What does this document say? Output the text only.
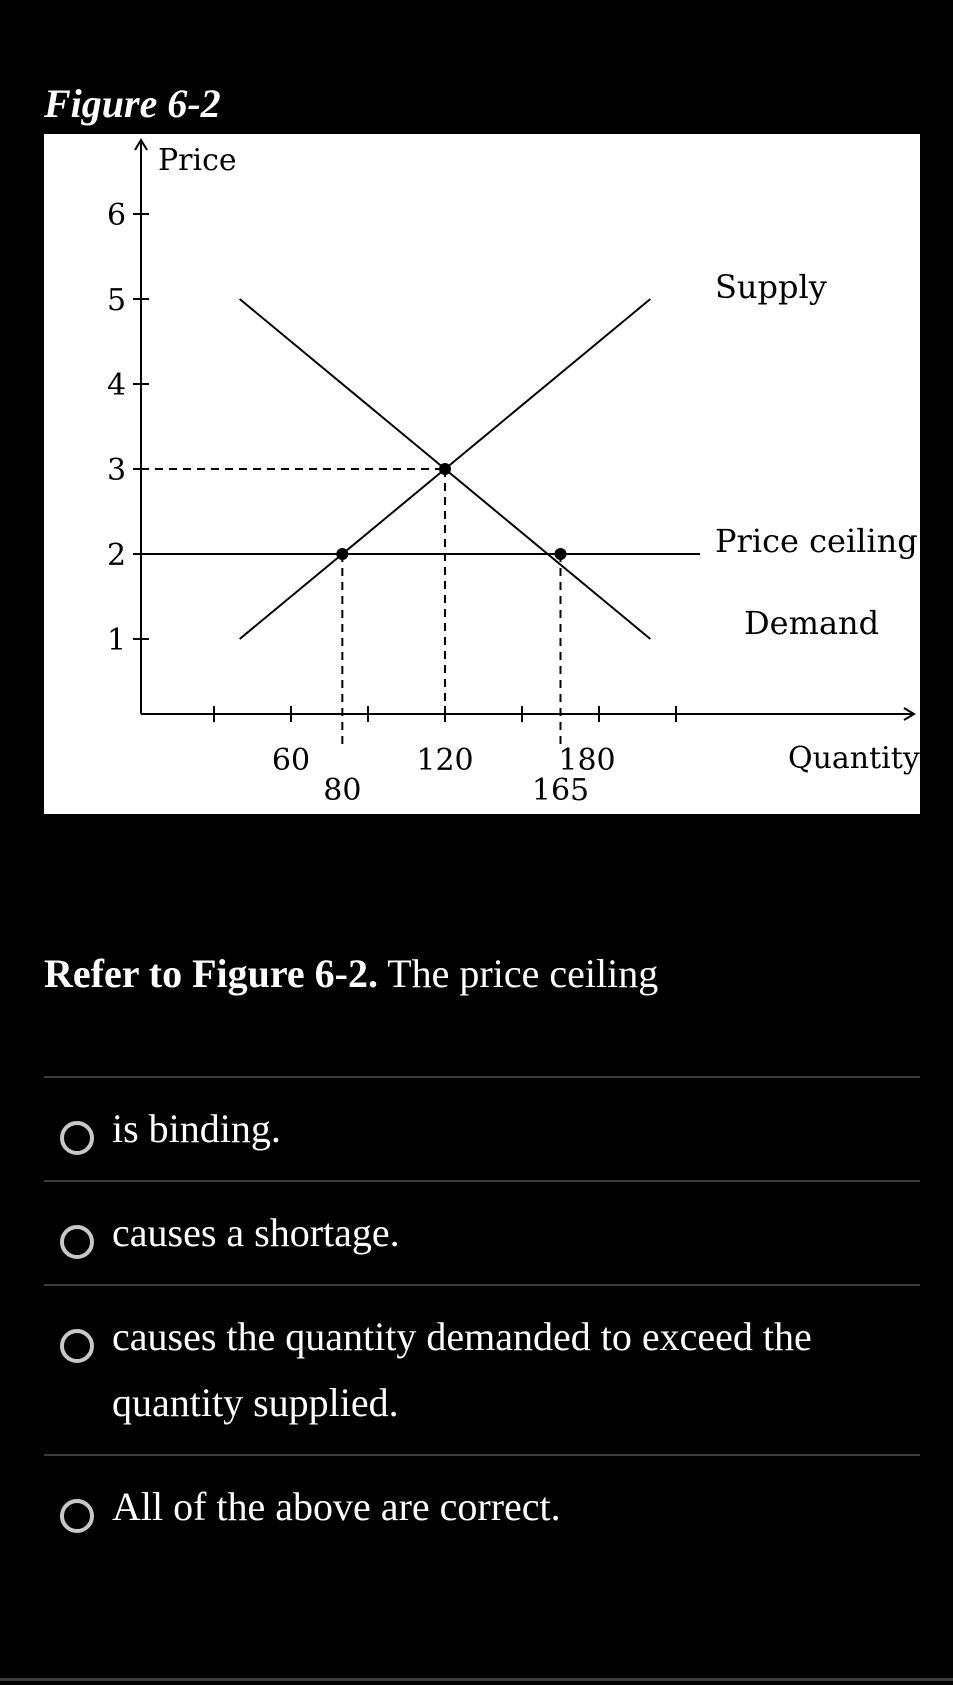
Figure 6-2
Price
Quantity
1
2
3
4
5
6
60
80
120
165
180
Supply
Demand
Price ceiling

Refer to Figure 6-2. The price ceiling

is binding.
causes a shortage.
causes the quantity demanded to exceed the quantity supplied.
All of the above are correct.
